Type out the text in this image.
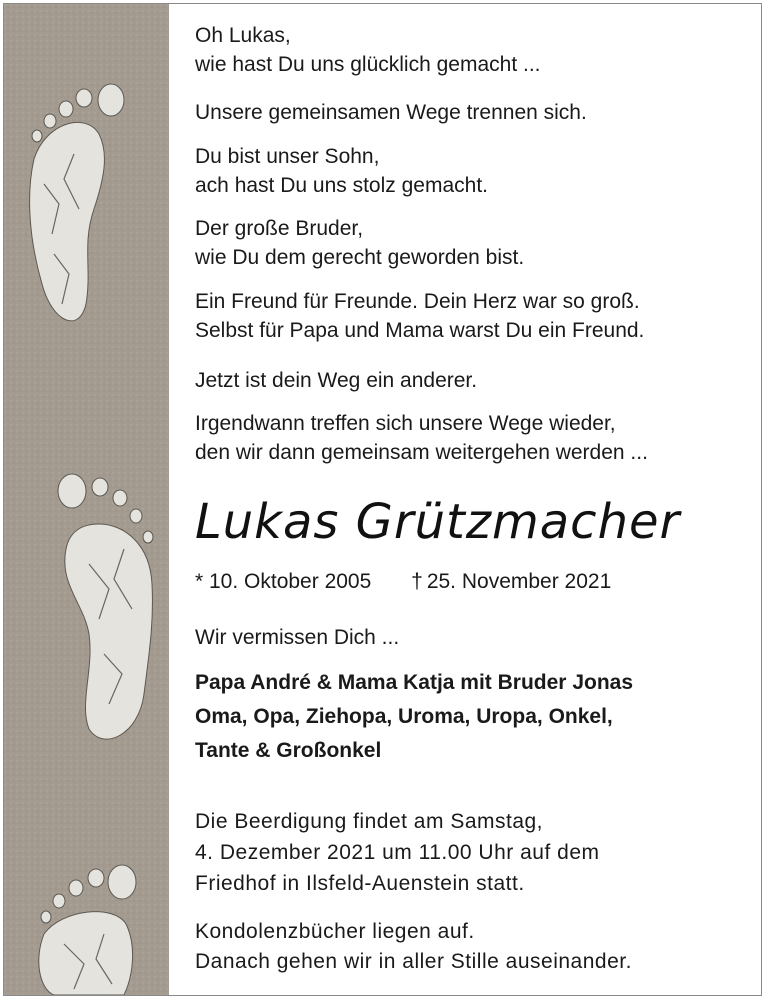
Oh Lukas,
wie hast Du uns glücklich gemacht ...
Unsere gemeinsamen Wege trennen sich.
Du bist unser Sohn,
ach hast Du uns stolz gemacht.
Der große Bruder,
wie Du dem gerecht geworden bist.
Ein Freund für Freunde. Dein Herz war so groß.
Selbst für Papa und Mama warst Du ein Freund.
Jetzt ist dein Weg ein anderer.
Irgendwann treffen sich unsere Wege wieder,
den wir dann gemeinsam weitergehen werden ...
Lukas Grützmacher
* 10. Oktober 2005 † 25. November 2021
Wir vermissen Dich ...
Papa André & Mama Katja mit Bruder Jonas
Oma, Opa, Ziehopa, Uroma, Uropa, Onkel,
Tante & Großonkel
Die Beerdigung findet am Samstag,
4. Dezember 2021 um 11.00 Uhr auf dem
Friedhof in Ilsfeld-Auenstein statt.
Kondolenzbücher liegen auf.
Danach gehen wir in aller Stille auseinander.
